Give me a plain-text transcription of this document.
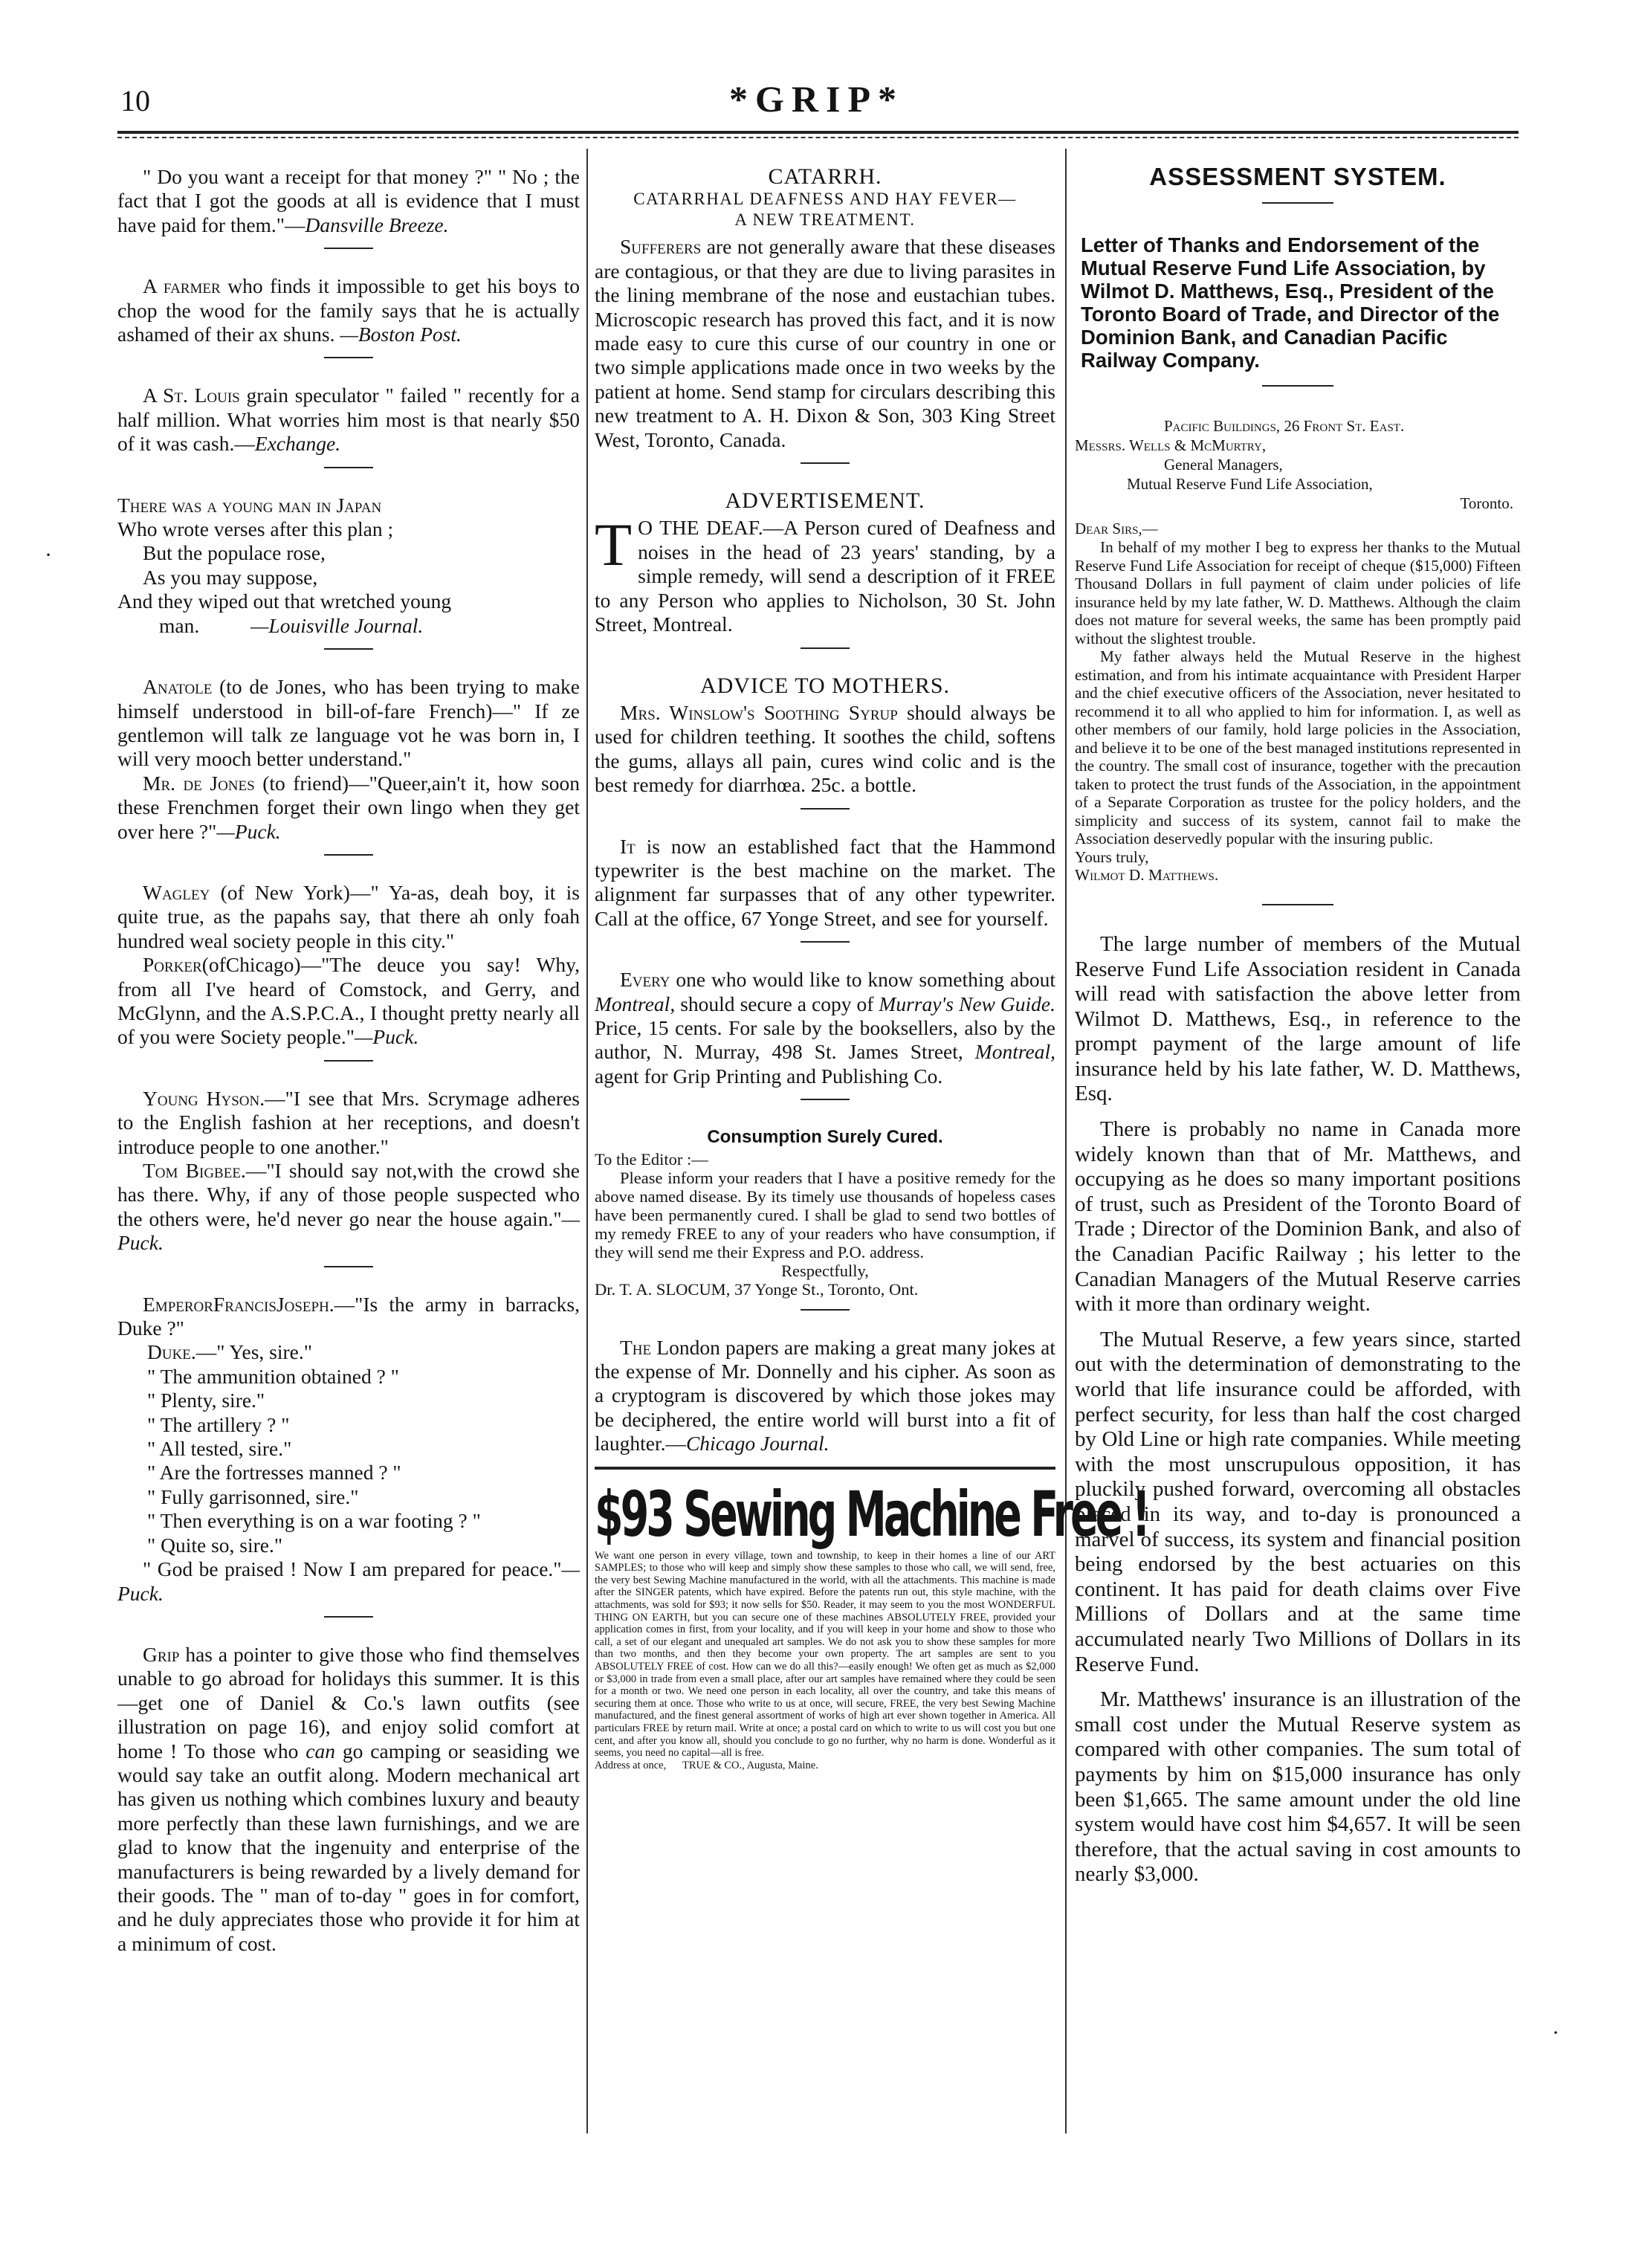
10	*GRIP*
·
·

" Do you want a receipt for that money ?" " No ; the fact that I got the goods at all is evidence that I must have paid for them."—Dansville Breeze.

A farmer who finds it impossible to get his boys to chop the wood for the family says that he is actually ashamed of their ax shuns. —Boston Post.

A St. Louis grain speculator " failed " recently for a half million. What worries him most is that nearly $50 of it was cash.—Exchange.

There was a young man in Japan
Who wrote verses after this plan ;
But the populace rose,
As you may suppose,
And they wiped out that wretched young
man.	—Louisville Journal.

Anatole (to de Jones, who has been trying to make himself understood in bill-of-fare French)—" If ze gentlemon will talk ze language vot he was born in, I will very mooch better understand."

Mr. de Jones (to friend)—"Queer,ain't it, how soon these Frenchmen forget their own lingo when they get over here ?"—Puck.

Wagley (of New York)—" Ya-as, deah boy, it is quite true, as the papahs say, that there ah only foah hundred weal society people in this city."

Porker(ofChicago)—"The deuce you say! Why, from all I've heard of Comstock, and Gerry, and McGlynn, and the A.S.P.C.A., I thought pretty nearly all of you were Society people."—Puck.

Young Hyson.—"I see that Mrs. Scrymage adheres to the English fashion at her receptions, and doesn't introduce people to one another."

Tom Bigbee.—"I should say not,with the crowd she has there. Why, if any of those people suspected who the others were, he'd never go near the house again."—Puck.

EmperorFrancisJoseph.—"Is the army in barracks, Duke ?"

Duke.—" Yes, sire."
" The ammunition obtained ? "
" Plenty, sire."
" The artillery ? "
" All tested, sire."
" Are the fortresses manned ? "
" Fully garrisonned, sire."
" Then everything is on a war footing ? "
" Quite so, sire."

" God be praised ! Now I am prepared for peace."—Puck.

Grip has a pointer to give those who find themselves unable to go abroad for holidays this summer. It is this—get one of Daniel & Co.'s lawn outfits (see illustration on page 16), and enjoy solid comfort at home ! To those who can go camping or seasiding we would say take an outfit along. Modern mechanical art has given us nothing which combines luxury and beauty more perfectly than these lawn furnishings, and we are glad to know that the ingenuity and enterprise of the manufacturers is being rewarded by a lively demand for their goods. The " man of to-day " goes in for comfort, and he duly appreciates those who provide it for him at a minimum of cost.

CATARRH.

CATARRHAL DEAFNESS AND HAY FEVER—

A NEW TREATMENT.

Sufferers are not generally aware that these diseases are contagious, or that they are due to living parasites in the lining membrane of the nose and eustachian tubes. Microscopic research has proved this fact, and it is now made easy to cure this curse of our country in one or two simple applications made once in two weeks by the patient at home. Send stamp for circulars describing this new treatment to A. H. Dixon & Son, 303 King Street West, Toronto, Canada.

ADVERTISEMENT.

T O THE DEAF.—A Person cured of Deafness and noises in the head of 23 years' standing, by a simple remedy, will send a description of it FREE to any Person who applies to Nicholson, 30 St. John Street, Montreal.

ADVICE TO MOTHERS.

Mrs. Winslow's Soothing Syrup should always be used for children teething. It soothes the child, softens the gums, allays all pain, cures wind colic and is the best remedy for diarrhœa. 25c. a bottle.

It is now an established fact that the Hammond typewriter is the best machine on the market. The alignment far surpasses that of any other typewriter. Call at the office, 67 Yonge Street, and see for yourself.

Every one who would like to know something about Montreal, should secure a copy of Murray's New Guide. Price, 15 cents. For sale by the booksellers, also by the author, N. Murray, 498 St. James Street, Montreal, agent for Grip Printing and Publishing Co.

Consumption Surely Cured.

To the Editor :—

Please inform your readers that I have a positive remedy for the above named disease. By its timely use thousands of hopeless cases have been permanently cured. I shall be glad to send two bottles of my remedy FREE to any of your readers who have consumption, if they will send me their Express and P.O. address.

Respectfully,

Dr. T. A. SLOCUM, 37 Yonge St., Toronto, Ont.

The London papers are making a great many jokes at the expense of Mr. Donnelly and his cipher. As soon as a cryptogram is discovered by which those jokes may be deciphered, the entire world will burst into a fit of laughter.—Chicago Journal.

$93 Sewing Machine Free !

We want one person in every village, town and township, to keep in their homes a line of our ART SAMPLES; to those who will keep and simply show these samples to those who call, we will send, free, the very best Sewing Machine manufactured in the world, with all the attachments. This machine is made after the SINGER patents, which have expired. Before the patents run out, this style machine, with the attachments, was sold for $93; it now sells for $50. Reader, it may seem to you the most WONDERFUL THING ON EARTH, but you can secure one of these machines ABSOLUTELY FREE, provided your application comes in first, from your locality, and if you will keep in your home and show to those who call, a set of our elegant and unequaled art samples. We do not ask you to show these samples for more than two months, and then they become your own property. The art samples are sent to you ABSOLUTELY FREE of cost. How can we do all this?—easily enough! We often get as much as $2,000 or $3,000 in trade from even a small place, after our art samples have remained where they could be seen for a month or two. We need one person in each locality, all over the country, and take this means of securing them at once. Those who write to us at once, will secure, FREE, the very best Sewing Machine manufactured, and the finest general assortment of works of high art ever shown together in America. All particulars FREE by return mail. Write at once; a postal card on which to write to us will cost you but one cent, and after you know all, should you conclude to go no further, why no harm is done. Wonderful as it seems, you need no capital—all is free.

Address at once, TRUE & CO., Augusta, Maine.

ASSESSMENT SYSTEM.

Letter of Thanks and Endorsement of the Mutual Reserve Fund Life Association, by Wilmot D. Matthews, Esq., President of the Toronto Board of Trade, and Director of the Dominion Bank, and Canadian Pacific Railway Company.

Pacific Buildings, 26 Front St. East.

Messrs. Wells & McMurtry,

General Managers,

Mutual Reserve Fund Life Association,

Toronto.

Dear Sirs,—

In behalf of my mother I beg to express her thanks to the Mutual Reserve Fund Life Association for receipt of cheque ($15,000) Fifteen Thousand Dollars in full payment of claim under policies of life insurance held by my late father, W. D. Matthews. Although the claim does not mature for several weeks, the same has been promptly paid without the slightest trouble.

My father always held the Mutual Reserve in the highest estimation, and from his intimate acquaintance with President Harper and the chief executive officers of the Association, never hesitated to recommend it to all who applied to him for information. I, as well as other members of our family, hold large policies in the Association, and believe it to be one of the best managed institutions represented in the country. The small cost of insurance, together with the precaution taken to protect the trust funds of the Association, in the appointment of a Separate Corporation as trustee for the policy holders, and the simplicity and success of its system, cannot fail to make the Association deservedly popular with the insuring public.

Yours truly,

Wilmot D. Matthews.

The large number of members of the Mutual Reserve Fund Life Association resident in Canada will read with satisfaction the above letter from Wilmot D. Matthews, Esq., in reference to the prompt payment of the large amount of life insurance held by his late father, W. D. Matthews, Esq.

There is probably no name in Canada more widely known than that of Mr. Matthews, and occupying as he does so many important positions of trust, such as President of the Toronto Board of Trade ; Director of the Dominion Bank, and also of the Canadian Pacific Railway ; his letter to the Canadian Managers of the Mutual Reserve carries with it more than ordinary weight.

The Mutual Reserve, a few years since, started out with the determination of demonstrating to the world that life insurance could be afforded, with perfect security, for less than half the cost charged by Old Line or high rate companies. While meeting with the most unscrupulous opposition, it has pluckily pushed forward, overcoming all obstacles placed in its way, and to-day is pronounced a marvel of success, its system and financial position being endorsed by the best actuaries on this continent. It has paid for death claims over Five Millions of Dollars and at the same time accumulated nearly Two Millions of Dollars in its Reserve Fund.

Mr. Matthews' insurance is an illustration of the small cost under the Mutual Reserve system as compared with other companies. The sum total of payments by him on $15,000 insurance has only been $1,665. The same amount under the old line system would have cost him $4,657. It will be seen therefore, that the actual saving in cost amounts to nearly $3,000.
